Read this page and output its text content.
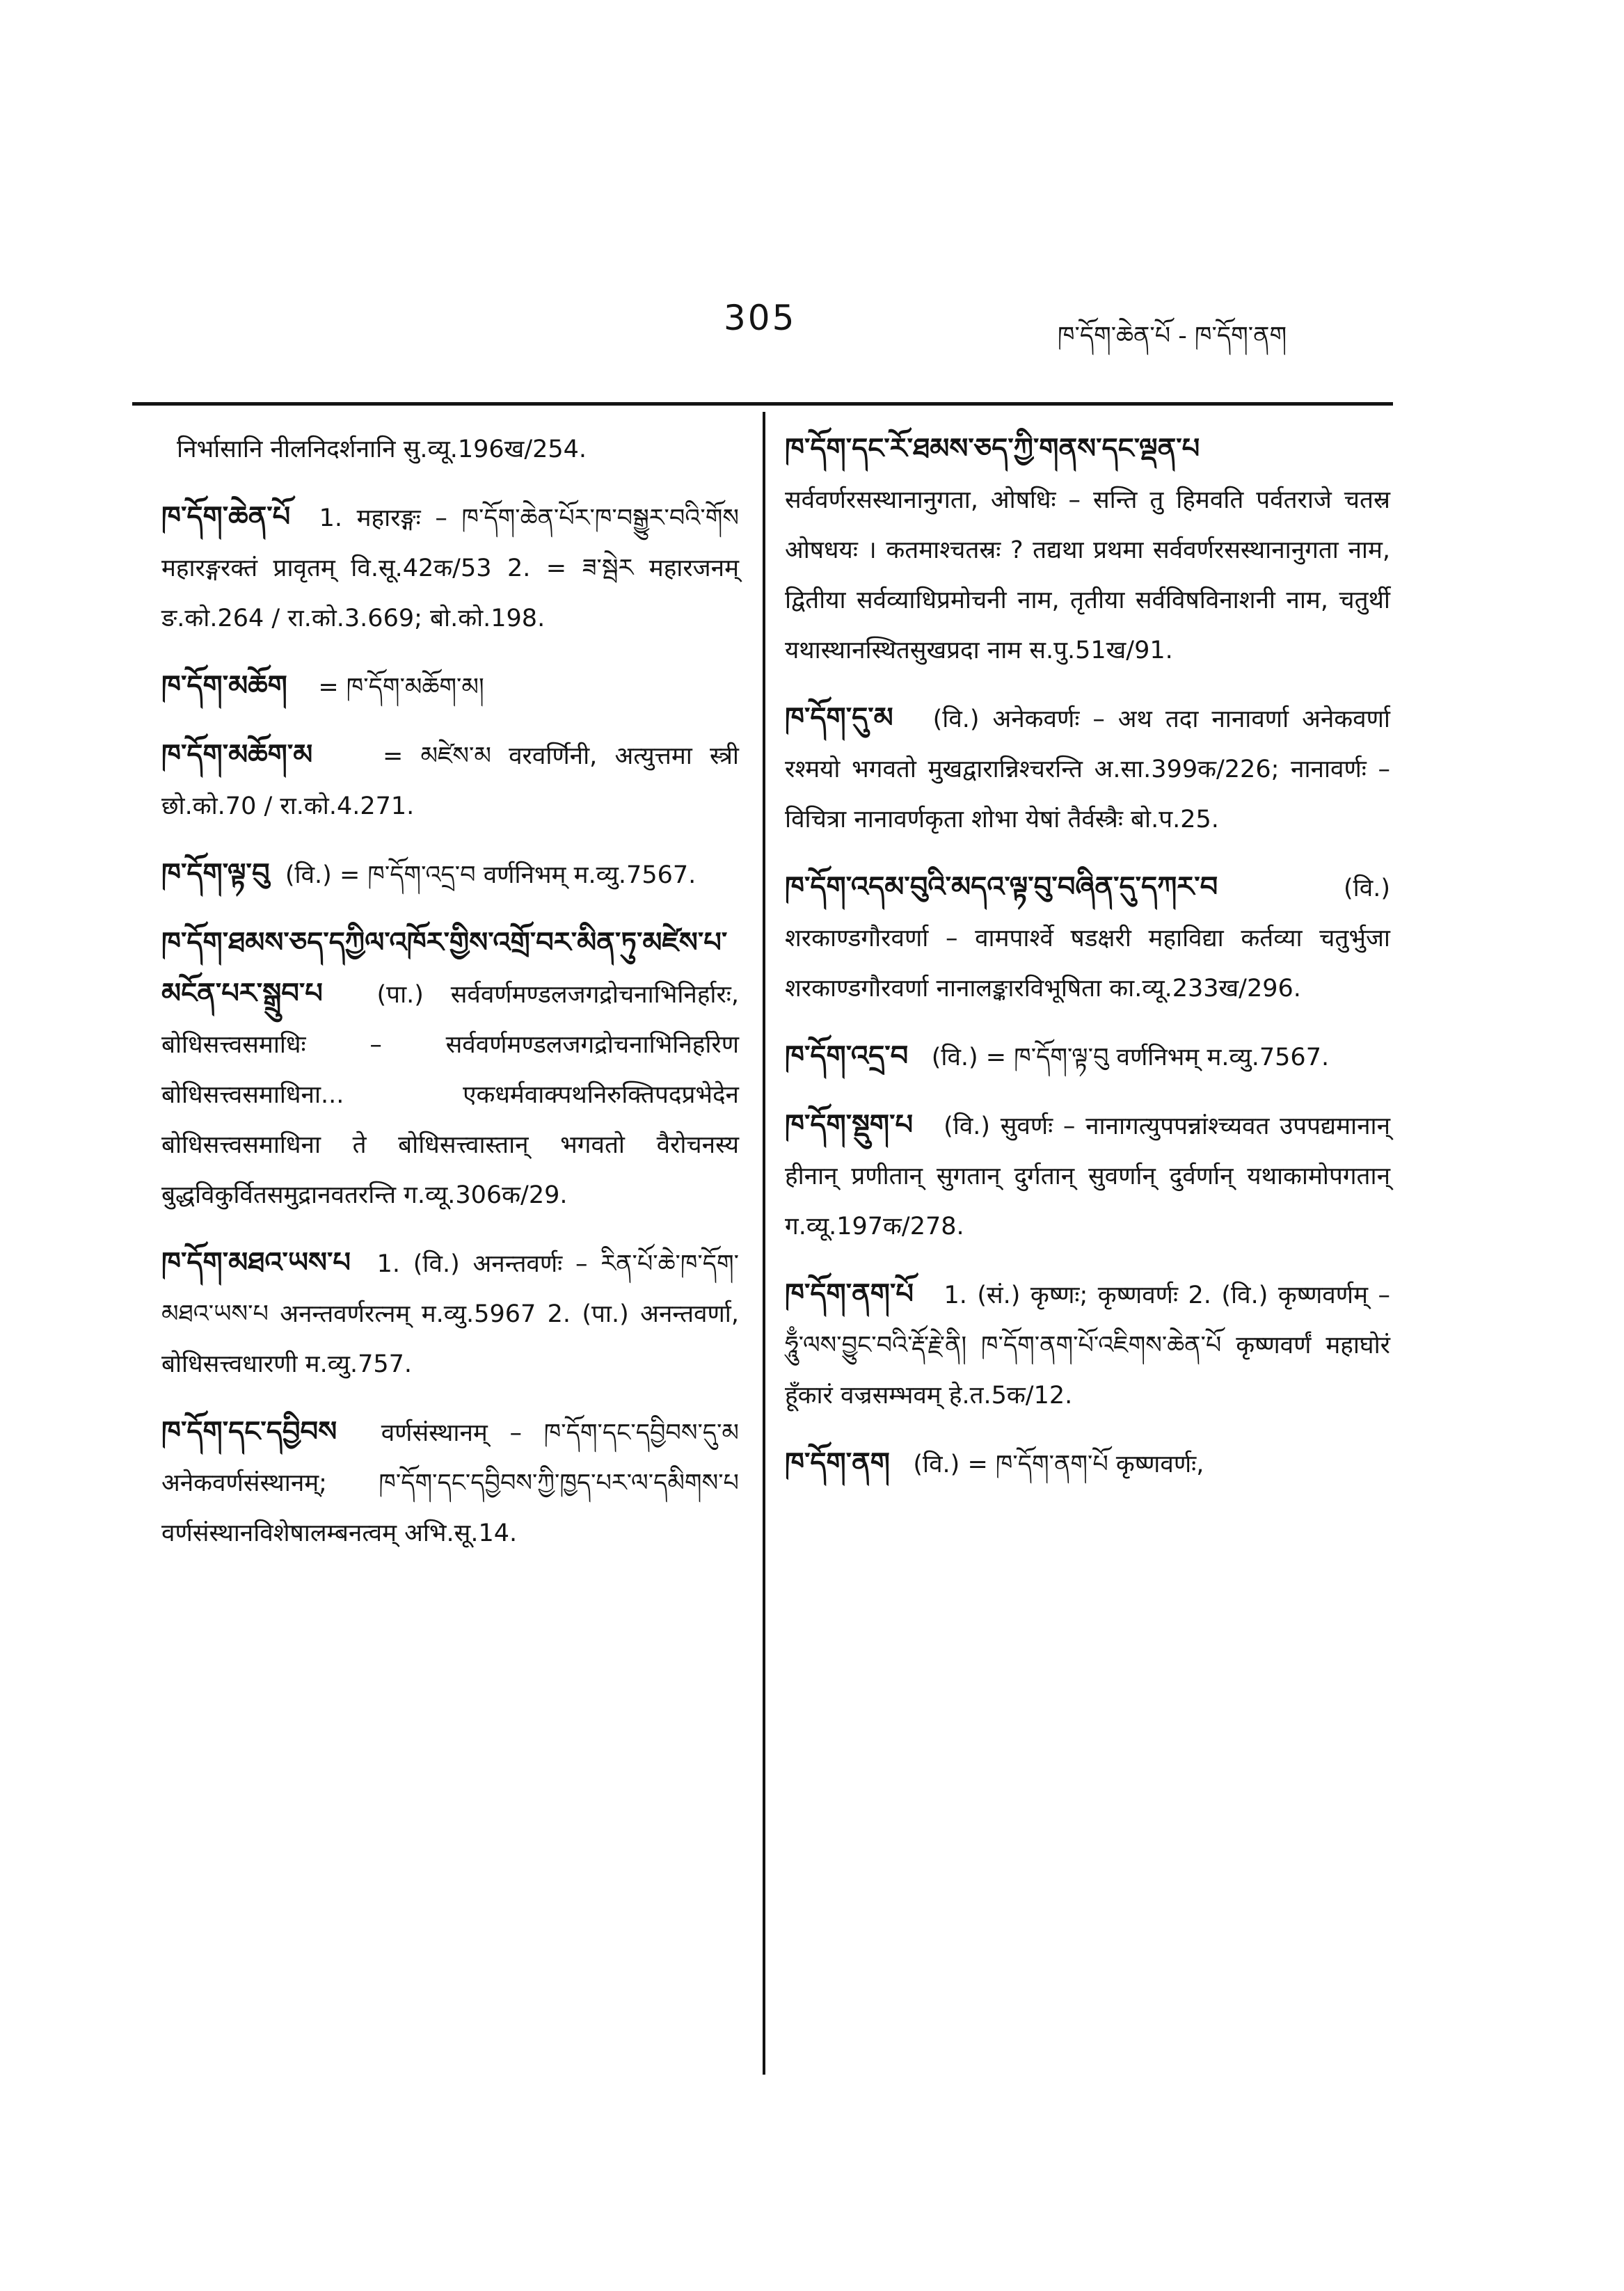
305	ཁ་དོག་ཆེན་པོ - ཁ་དོག་ནག
निर्भासानि नीलनिदर्शनानि सु.व्यू.196ख/254.
ཁ་དོག་ཆེན་པོ 1. महारङ्गः – ཁ་དོག་ཆེན་པོར་ཁ་བསྒྱུར་བའི་གོས महारङ्गरक्तं प्रावृतम् वि.सू.42क/53 2. = ཟ་སྦེར महारजनम् ङ.को.264 / रा.को.3.669; बो.को.198.
ཁ་དོག་མཆོག = ཁ་དོག་མཆོག་མ།
ཁ་དོག་མཆོག་མ	= མཛེས་མ वरवर्णिनी, अत्युत्तमा स्त्री छो.को.70 / रा.को.4.271.
ཁ་དོག་ལྟ་བུ (वि.) = ཁ་དོག་འདྲ་བ वर्णनिभम् म.व्यु.7567.
ཁ་དོག་ཐམས་ཅད་དཀྱིལ་འཁོར་གྱིས་འགྲོ་བར་མིན་ཏུ་མཛེས་པ་མངོན་པར་སྒྲུབ་པ (पा.) सर्ववर्णमण्डलजगद्रोचनाभिनिर्हारः, बोधिसत्त्वसमाधिः – सर्ववर्णमण्डलजगद्रोचनाभिनिर्हारेण बोधिसत्त्वसमाधिना... एकधर्मवाक्पथनिरुक्तिपदप्रभेदेन बोधिसत्त्वसमाधिना ते बोधिसत्त्वास्तान् भगवतो वैरोचनस्य बुद्धविकुर्वितसमुद्रानवतरन्ति ग.व्यू.306क/29.
ཁ་དོག་མཐའ་ཡས་པ 1. (वि.) अनन्तवर्णः – རིན་པོ་ཆེ་ཁ་དོག་མཐའ་ཡས་པ अनन्तवर्णरत्नम् म.व्यु.5967 2. (पा.) अनन्तवर्णा, बोधिसत्त्वधारणी म.व्यु.757.
ཁ་དོག་དང་དབྱིབས वर्णसंस्थानम् – ཁ་དོག་དང་དབྱིབས་དུ་མ अनेकवर्णसंस्थानम्; ཁ་དོག་དང་དབྱིབས་ཀྱི་ཁྱད་པར་ལ་དམིགས་པ वर्णसंस्थानविशेषालम्बनत्वम् अभि.सू.14.
ཁ་དོག་དང་རོ་ཐམས་ཅད་ཀྱི་གནས་དང་ལྡན་པ सर्ववर्णरसस्थानानुगता, ओषधिः – सन्ति तु हिमवति पर्वतराजे चतस्र ओषधयः । कतमाश्चतस्रः ? तद्यथा प्रथमा सर्ववर्णरसस्थानानुगता नाम, द्वितीया सर्वव्याधिप्रमोचनी नाम, तृतीया सर्वविषविनाशनी नाम, चतुर्थी यथास्थानस्थितसुखप्रदा नाम स.पु.51ख/91.
ཁ་དོག་དུ་མ (वि.) अनेकवर्णः – अथ तदा नानावर्णा अनेकवर्णा रश्मयो भगवतो मुखद्वारान्निश्चरन्ति अ.सा.399क/226; नानावर्णः – विचित्रा नानावर्णकृता शोभा येषां तैर्वस्त्रैः बो.प.25.
ཁ་དོག་འདམ་བུའི་མདའ་ལྟ་བུ་བཞིན་དུ་དཀར་བ	(वि.) शरकाण्डगौरवर्णा – वामपार्श्वे षडक्षरी महाविद्या कर्तव्या चतुर्भुजा शरकाण्डगौरवर्णा नानालङ्कारविभूषिता का.व्यू.233ख/296.
ཁ་དོག་འདྲ་བ (वि.) = ཁ་དོག་ལྟ་བུ वर्णनिभम् म.व्यु.7567.
ཁ་དོག་སྡུག་པ (वि.) सुवर्णः – नानागत्युपपन्नांश्च्यवत उपपद्यमानान् हीनान् प्रणीतान् सुगतान् दुर्गतान् सुवर्णान् दुर्वर्णान् यथाकामोपगतान् ग.व्यू.197क/278.
ཁ་དོག་ནག་པོ 1. (सं.) कृष्णः; कृष्णवर्णः 2. (वि.) कृष्णवर्णम् – ཧཱུྃ་ལས་བྱུང་བའི་རྡོ་རྗེ་ནི། ཁ་དོག་ནག་པོ་འཇིགས་ཆེན་པོ कृष्णवर्णं महाघोरं हूँकारं वज्रसम्भवम् हे.त.5क/12.
ཁ་དོག་ནག (वि.) = ཁ་དོག་ནག་པོ कृष्णवर्णः,
